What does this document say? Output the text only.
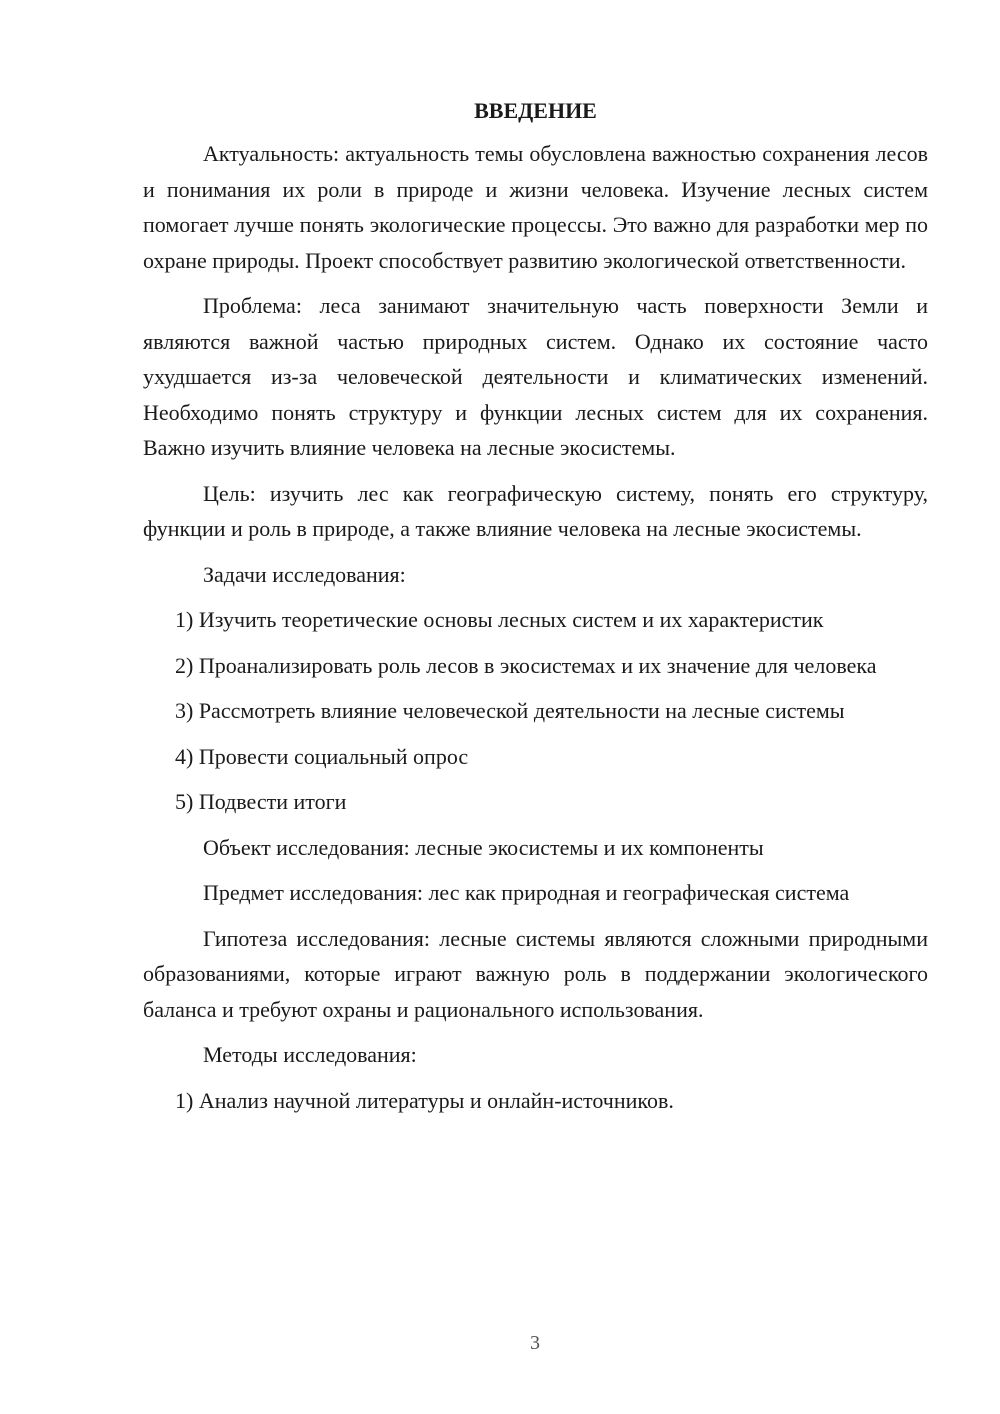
ВВЕДЕНИЕ

Актуальность: актуальность темы обусловлена важностью сохранения лесов и понимания их роли в природе и жизни человека. Изучение лесных систем помогает лучше понять экологические процессы. Это важно для разработки мер по охране природы. Проект способствует развитию экологической ответственности.

Проблема: леса занимают значительную часть поверхности Земли и являются важной частью природных систем. Однако их состояние часто ухудшается из-за человеческой деятельности и климатических изменений. Необходимо понять структуру и функции лесных систем для их сохранения. Важно изучить влияние человека на лесные экосистемы.

Цель: изучить лес как географическую систему, понять его структуру, функции и роль в природе, а также влияние человека на лесные экосистемы.

Задачи исследования:

1) Изучить теоретические основы лесных систем и их характеристик

2) Проанализировать роль лесов в экосистемах и их значение для человека

3) Рассмотреть влияние человеческой деятельности на лесные системы

4) Провести социальный опрос

5) Подвести итоги

Объект исследования: лесные экосистемы и их компоненты

Предмет исследования: лес как природная и географическая система

Гипотеза исследования: лесные системы являются сложными природными образованиями, которые играют важную роль в поддержании экологического баланса и требуют охраны и рационального использования.

Методы исследования:

1) Анализ научной литературы и онлайн-источников.

3
